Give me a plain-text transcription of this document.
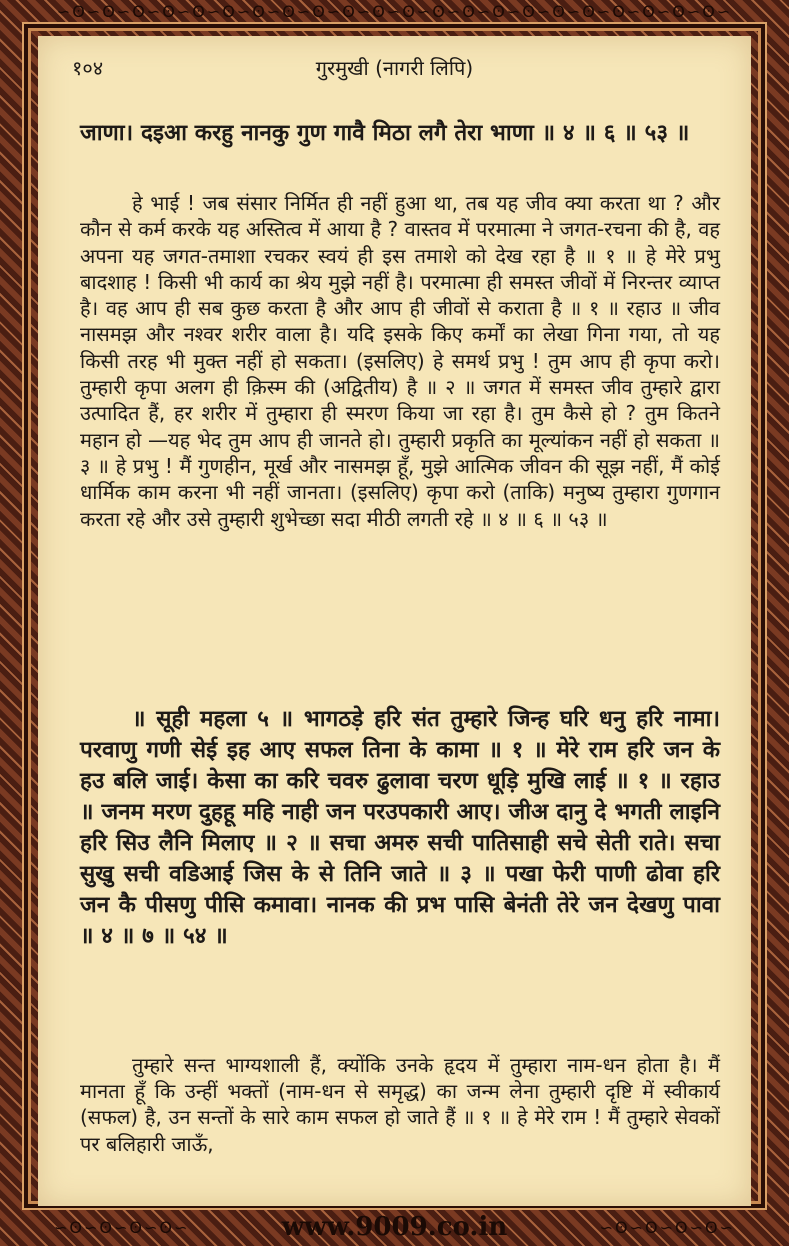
∽ʘ∽ʘ∽ʘ∽ʘ∽ʘ∽ʘ∽ʘ∽ʘ∽ʘ∽ʘ∽ʘ∽ʘ∽ʘ∽ʘ∽ʘ∽ʘ∽ʘ∽ʘ∽ʘ∽ʘ∽ʘ∽ʘ∽
१०४	गुरमुखी (नागरी लिपि)
जाणा। दइआ करहु नानकु गुण गावै मिठा लगै तेरा भाणा ॥ ४ ॥ ६ ॥ ५३ ॥
हे भाई ! जब संसार निर्मित ही नहीं हुआ था, तब यह जीव क्या करता था ? और कौन से कर्म करके यह अस्तित्व में आया है ? वास्तव में परमात्मा ने जगत-रचना की है, वह अपना यह जगत-तमाशा रचकर स्वयं ही इस तमाशे को देख रहा है ॥ १ ॥ हे मेरे प्रभु बादशाह ! किसी भी कार्य का श्रेय मुझे नहीं है। परमात्मा ही समस्त जीवों में निरन्तर व्याप्त है। वह आप ही सब कुछ करता है और आप ही जीवों से कराता है ॥ १ ॥ रहाउ ॥ जीव नासमझ और नश्वर शरीर वाला है। यदि इसके किए कर्मों का लेखा गिना गया, तो यह किसी तरह भी मुक्त नहीं हो सकता। (इसलिए) हे समर्थ प्रभु ! तुम आप ही कृपा करो। तुम्हारी कृपा अलग ही क़िस्म की (अद्वितीय) है ॥ २ ॥ जगत में समस्त जीव तुम्हारे द्वारा उत्पादित हैं, हर शरीर में तुम्हारा ही स्मरण किया जा रहा है। तुम कैसे हो ? तुम कितने महान हो —यह भेद तुम आप ही जानते हो। तुम्हारी प्रकृति का मूल्यांकन नहीं हो सकता ॥ ३ ॥ हे प्रभु ! मैं गुणहीन, मूर्ख और नासमझ हूँ, मुझे आत्मिक जीवन की सूझ नहीं, मैं कोई धार्मिक काम करना भी नहीं जानता। (इसलिए) कृपा करो (ताकि) मनुष्य तुम्हारा गुणगान करता रहे और उसे तुम्हारी शुभेच्छा सदा मीठी लगती रहे ॥ ४ ॥ ६ ॥ ५३ ॥
॥ सूही महला ५ ॥ भागठड़े हरि संत तुम्हारे जिन्ह घरि धनु हरि नामा। परवाणु गणी सेई इह आए सफल तिना के कामा ॥ १ ॥ मेरे राम हरि जन के हउ बलि जाई। केसा का करि चवरु ढुलावा चरण धूड़ि मुखि लाई ॥ १ ॥ रहाउ ॥ जनम मरण दुहहू महि नाही जन परउपकारी आए। जीअ दानु दे भगती लाइनि हरि सिउ लैनि मिलाए ॥ २ ॥ सचा अमरु सची पातिसाही सचे सेती राते। सचा सुखु सची वडिआई जिस के से तिनि जाते ॥ ३ ॥ पखा फेरी पाणी ढोवा हरि जन कै पीसणु पीसि कमावा। नानक की प्रभ पासि बेनंती तेरे जन देखणु पावा ॥ ४ ॥ ७ ॥ ५४ ॥
तुम्हारे सन्त भाग्यशाली हैं, क्योंकि उनके हृदय में तुम्हारा नाम-धन होता है। मैं मानता हूँ कि उन्हीं भक्तों (नाम-धन से समृद्ध) का जन्म लेना तुम्हारी दृष्टि में स्वीकार्य (सफल) है, उन सन्तों के सारे काम सफल हो जाते हैं ॥ १ ॥ हे मेरे राम ! मैं तुम्हारे सेवकों पर बलिहारी जाऊँ,
∽ʘ∽ʘ∽ʘ∽ʘ∽	www.9009.co.in	∽ʘ∽ʘ∽ʘ∽ʘ∽
